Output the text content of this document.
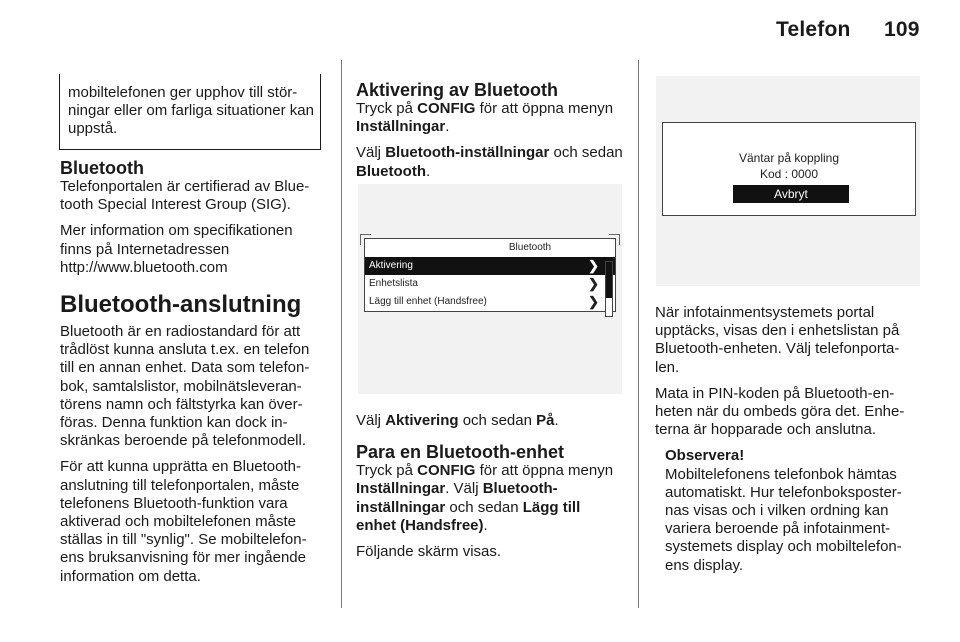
Telefon 109

mobiltelefonen ger upphov till stör-ningar eller om farliga situationer kan uppstå.

Bluetooth

Telefonportalen är certifierad av Blue-tooth Special Interest Group (SIG).

Mer information om specifikationen finns på Internetadressen
http://www.bluetooth.com

Bluetooth-anslutning

Bluetooth är en radiostandard för att trådlöst kunna ansluta t.ex. en telefon till en annan enhet. Data som telefon-bok, samtalslistor, mobilnätsleveran-törens namn och fältstyrka kan över-föras. Denna funktion kan dock in-skränkas beroende på telefonmodell.

För att kunna upprätta en Bluetooth-anslutning till telefonportalen, måste telefonens Bluetooth-funktion vara aktiverad och mobiltelefonen måste ställas in till "synlig". Se mobiltelefon-ens bruksanvisning för mer ingående information om detta.

Aktivering av Bluetooth

Tryck på CONFIG för att öppna menyn Inställningar.

Välj Bluetooth-inställningar och sedan Bluetooth.

Bluetooth
Aktivering	❯
Enhetslista	❯
Lägg till enhet (Handsfree)	❯

Välj Aktivering och sedan På.

Para en Bluetooth-enhet

Tryck på CONFIG för att öppna menyn Inställningar. Välj Bluetooth-inställningar och sedan Lägg till enhet (Handsfree).

Följande skärm visas.

Väntar på koppling
Kod : 0000
Avbryt

När infotainmentsystemets portal upptäcks, visas den i enhetslistan på Bluetooth-enheten. Välj telefonporta-len.

Mata in PIN-koden på Bluetooth-en-heten när du ombeds göra det. Enhe-terna är hopparade och anslutna.

Observera!

Mobiltelefonens telefonbok hämtas automatiskt. Hur telefonboksposter-nas visas och i vilken ordning kan variera beroende på infotainment-systemets display och mobiltelefon-ens display.
